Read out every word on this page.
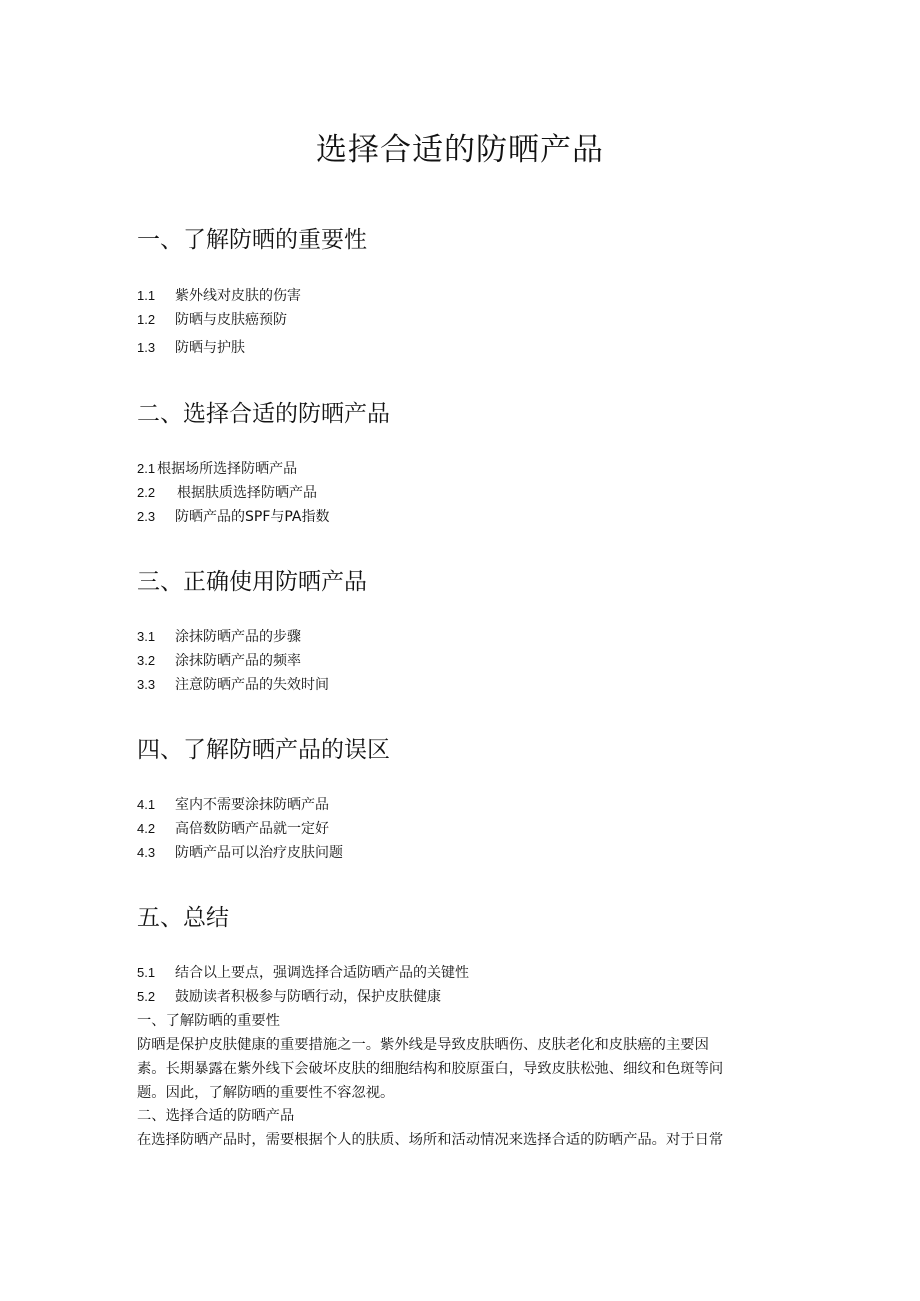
选择合适的防晒产品
一、了解防晒的重要性
1.1 紫外线对皮肤的伤害
1.2 防晒与皮肤癌预防
1.3 防晒与护肤
二、选择合适的防晒产品
2.1 根据场所选择防晒产品
2.2 根据肤质选择防晒产品
2.3 防晒产品的SPF与PA指数
三、正确使用防晒产品
3.1 涂抹防晒产品的步骤
3.2 涂抹防晒产品的频率
3.3 注意防晒产品的失效时间
四、了解防晒产品的误区
4.1 室内不需要涂抹防晒产品
4.2 高倍数防晒产品就一定好
4.3 防晒产品可以治疗皮肤问题
五、总结
5.1 结合以上要点，强调选择合适防晒产品的关键性
5.2 鼓励读者积极参与防晒行动，保护皮肤健康
一、了解防晒的重要性
防晒是保护皮肤健康的重要措施之一。紫外线是导致皮肤晒伤、皮肤老化和皮肤癌的主要因
素。长期暴露在紫外线下会破坏皮肤的细胞结构和胶原蛋白，导致皮肤松弛、细纹和色斑等问
题。因此，了解防晒的重要性不容忽视。
二、选择合适的防晒产品
在选择防晒产品时，需要根据个人的肤质、场所和活动情况来选择合适的防晒产品。对于日常
